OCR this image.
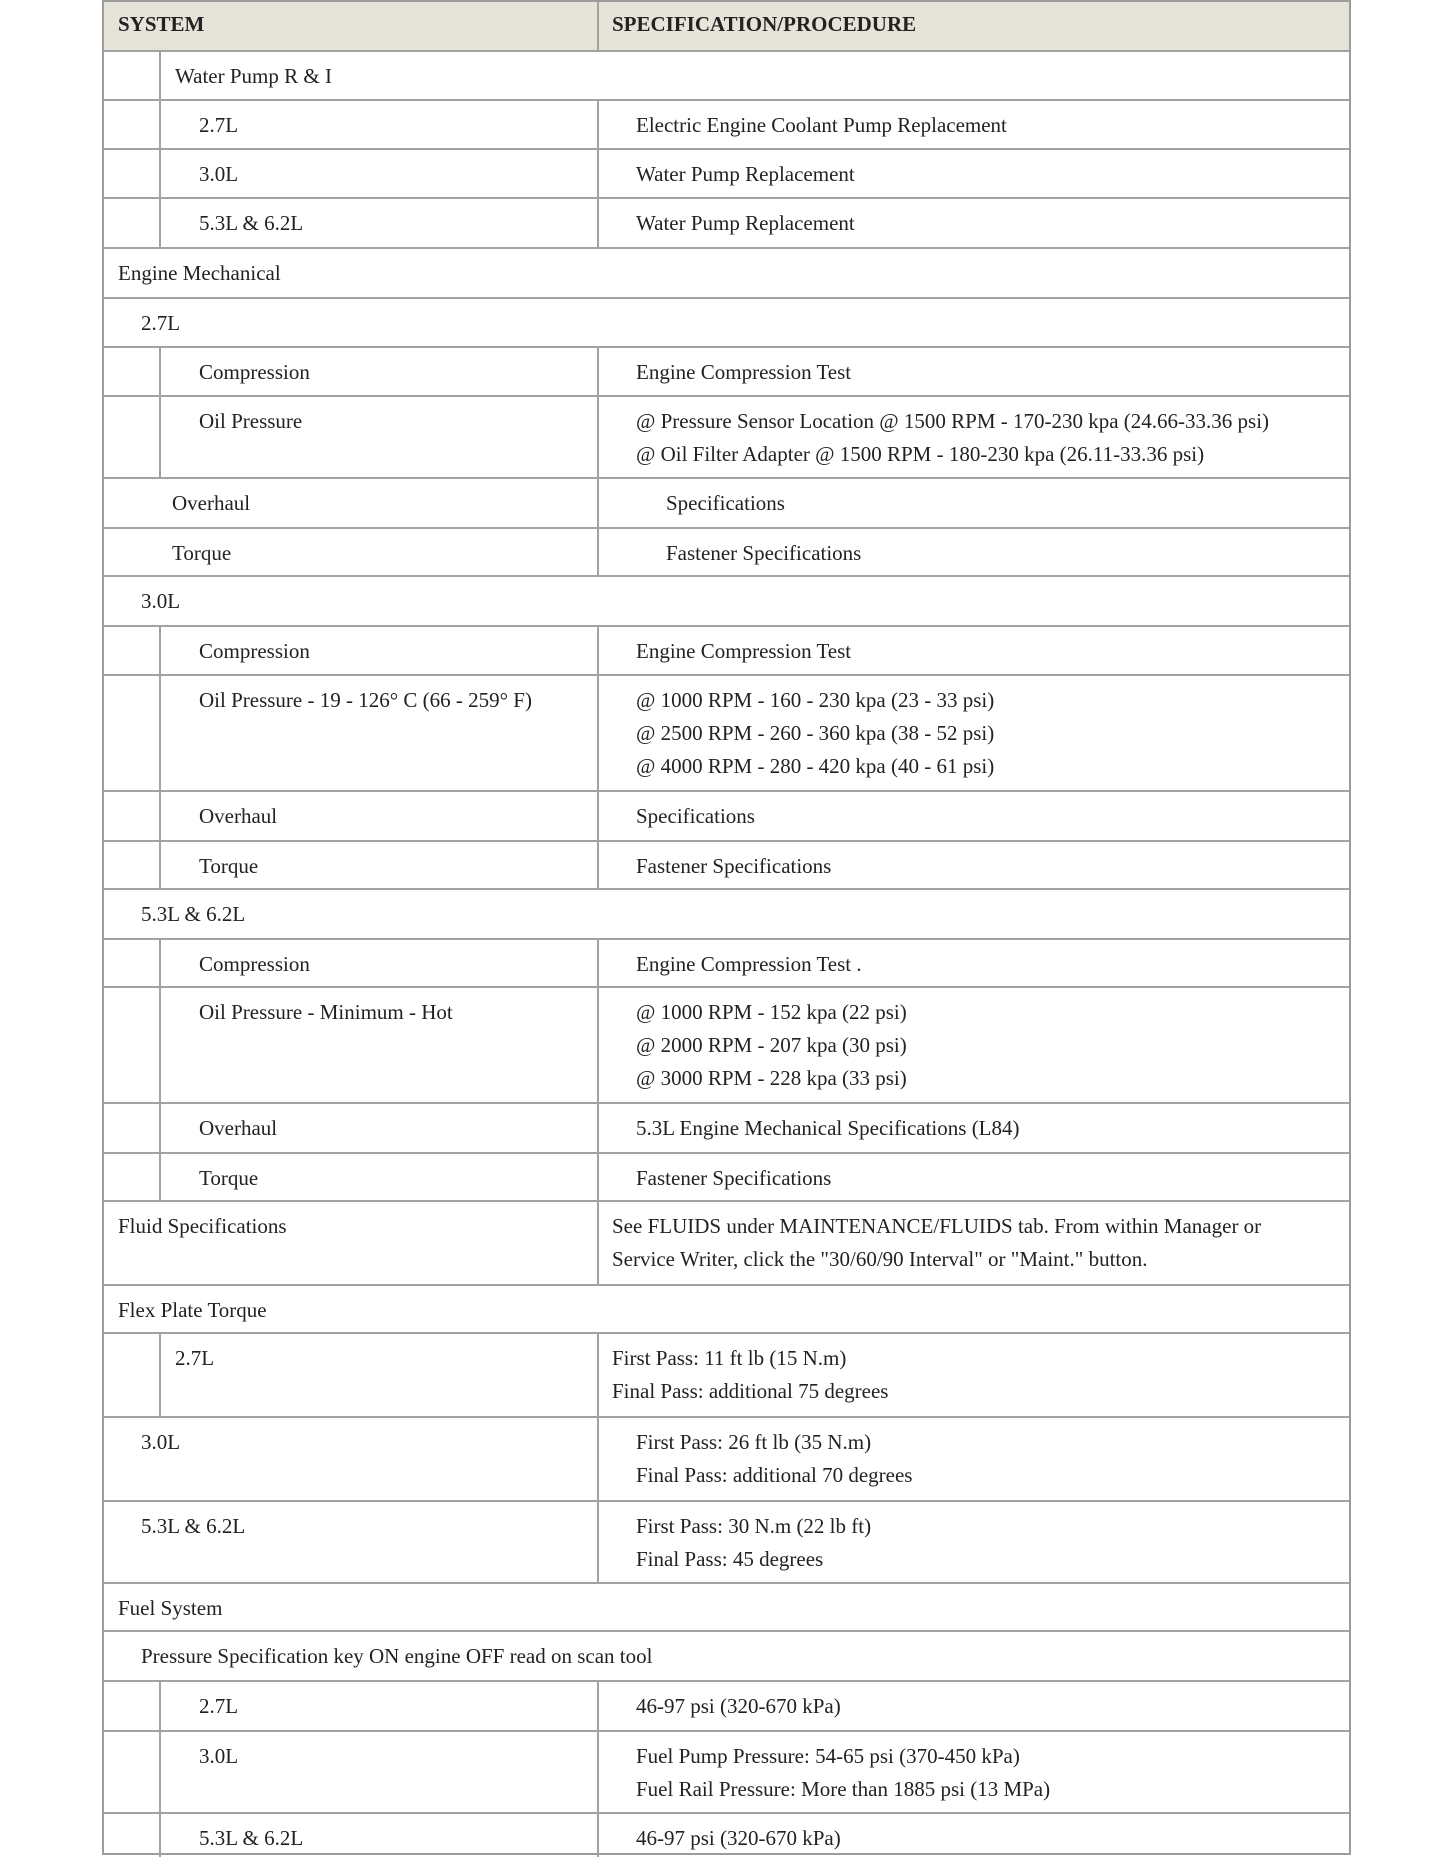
SYSTEM	SPECIFICATION/PROCEDURE
Water Pump R & I
2.7L	Electric Engine Coolant Pump Replacement
3.0L	Water Pump Replacement
5.3L & 6.2L	Water Pump Replacement
Engine Mechanical
2.7L
Compression	Engine Compression Test
Oil Pressure	@ Pressure Sensor Location @ 1500 RPM - 170-230 kpa (24.66-33.36 psi)
@ Oil Filter Adapter @ 1500 RPM - 180-230 kpa (26.11-33.36 psi)
Overhaul	Specifications
Torque	Fastener Specifications
3.0L
Compression	Engine Compression Test
Oil Pressure - 19 - 126° C (66 - 259° F)	@ 1000 RPM - 160 - 230 kpa (23 - 33 psi)
@ 2500 RPM - 260 - 360 kpa (38 - 52 psi)
@ 4000 RPM - 280 - 420 kpa (40 - 61 psi)
Overhaul	Specifications
Torque	Fastener Specifications
5.3L & 6.2L
Compression	Engine Compression Test .
Oil Pressure - Minimum - Hot	@ 1000 RPM - 152 kpa (22 psi)
@ 2000 RPM - 207 kpa (30 psi)
@ 3000 RPM - 228 kpa (33 psi)
Overhaul	5.3L Engine Mechanical Specifications (L84)
Torque	Fastener Specifications
Fluid Specifications	See FLUIDS under MAINTENANCE/FLUIDS tab. From within Manager or
Service Writer, click the "30/60/90 Interval" or "Maint." button.
Flex Plate Torque
2.7L	First Pass: 11 ft lb (15 N.m)
Final Pass: additional 75 degrees
3.0L	First Pass: 26 ft lb (35 N.m)
Final Pass: additional 70 degrees
5.3L & 6.2L	First Pass: 30 N.m (22 lb ft)
Final Pass: 45 degrees
Fuel System
Pressure Specification key ON engine OFF read on scan tool
2.7L	46-97 psi (320-670 kPa)
3.0L	Fuel Pump Pressure: 54-65 psi (370-450 kPa)
Fuel Rail Pressure: More than 1885 psi (13 MPa)
5.3L & 6.2L	46-97 psi (320-670 kPa)
